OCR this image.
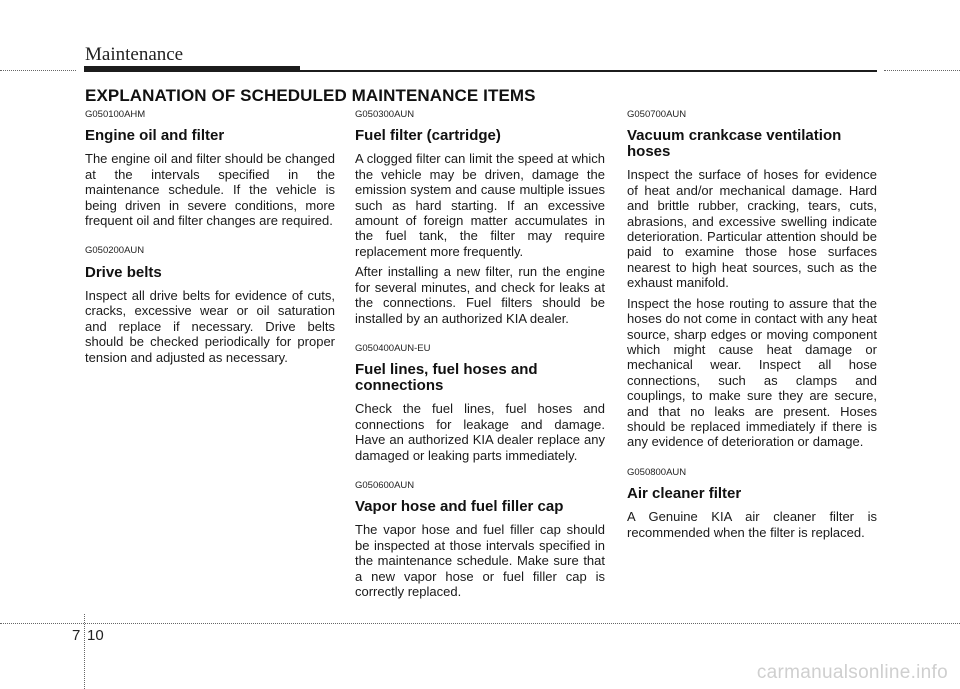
Maintenance
EXPLANATION OF SCHEDULED MAINTENANCE ITEMS
G050100AHM
Engine oil and filter

The engine oil and filter should be changed at the intervals specified in the maintenance schedule. If the vehicle is being driven in severe conditions, more frequent oil and filter changes are required.

G050200AUN
Drive belts

Inspect all drive belts for evidence of cuts, cracks, excessive wear or oil saturation and replace if necessary. Drive belts should be checked periodically for proper tension and adjusted as necessary.

G050300AUN
Fuel filter (cartridge)

A clogged filter can limit the speed at which the vehicle may be driven, damage the emission system and cause multiple issues such as hard starting. If an excessive amount of foreign matter accumulates in the fuel tank, the filter may require replacement more frequently.

After installing a new filter, run the engine for several minutes, and check for leaks at the connections. Fuel filters should be installed by an authorized KIA dealer.

G050400AUN-EU
Fuel lines, fuel hoses and connections

Check the fuel lines, fuel hoses and connections for leakage and damage. Have an authorized KIA dealer replace any damaged or leaking parts immediately.

G050600AUN
Vapor hose and fuel filler cap

The vapor hose and fuel filler cap should be inspected at those intervals specified in the maintenance schedule. Make sure that a new vapor hose or fuel filler cap is correctly replaced.

G050700AUN
Vacuum crankcase ventilation hoses

Inspect the surface of hoses for evidence of heat and/or mechanical damage. Hard and brittle rubber, cracking, tears, cuts, abrasions, and excessive swelling indicate deterioration. Particular attention should be paid to examine those hose surfaces nearest to high heat sources, such as the exhaust manifold.

Inspect the hose routing to assure that the hoses do not come in contact with any heat source, sharp edges or moving component which might cause heat damage or mechanical wear. Inspect all hose connections, such as clamps and couplings, to make sure they are secure, and that no leaks are present. Hoses should be replaced immediately if there is any evidence of deterioration or damage.

G050800AUN
Air cleaner filter

A Genuine KIA air cleaner filter is recommended when the filter is replaced.

7 10
carmanualsonline.info
